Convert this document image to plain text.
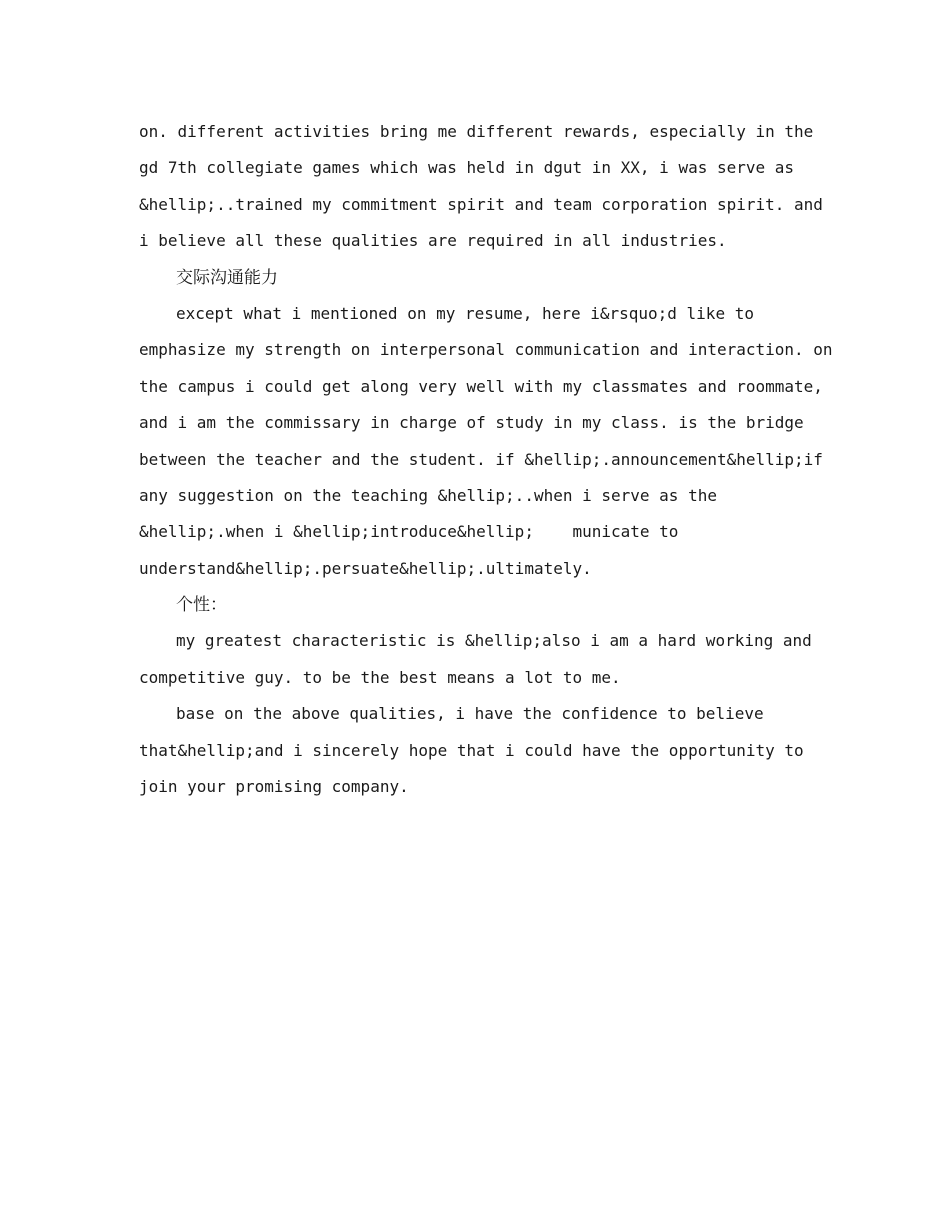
on. different activities bring me different rewards, especially in the
gd 7th collegiate games which was held in dgut in XX, i was serve as
&hellip;..trained my commitment spirit and team corporation spirit. and
i believe all these qualities are required in all industries.
交际沟通能力
except what i mentioned on my resume, here i&rsquo;d like to
emphasize my strength on interpersonal communication and interaction. on
the campus i could get along very well with my classmates and roommate,
and i am the commissary in charge of study in my class. is the bridge
between the teacher and the student. if &hellip;.announcement&hellip;if
any suggestion on the teaching &hellip;..when i serve as the
&hellip;.when i &hellip;introduce&hellip;    municate to
understand&hellip;.persuate&hellip;.ultimately.
个性：
my greatest characteristic is &hellip;also i am a hard working and
competitive guy. to be the best means a lot to me.
base on the above qualities, i have the confidence to believe
that&hellip;and i sincerely hope that i could have the opportunity to
join your promising company.
